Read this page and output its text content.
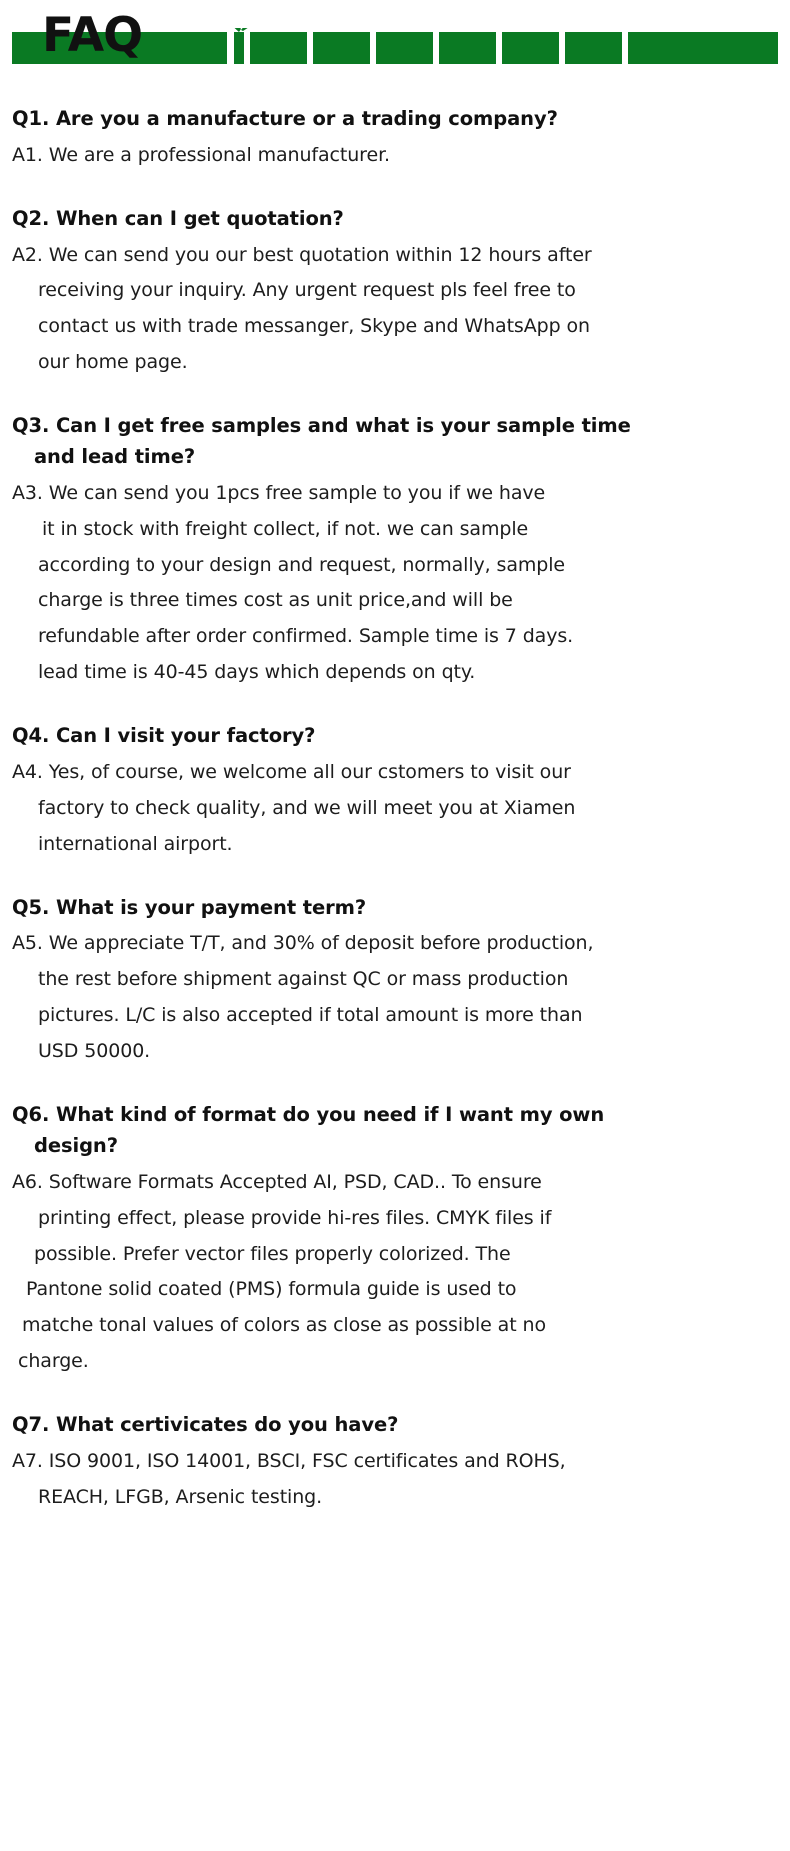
FAQ

Q1. Are you a manufacture or a trading company?

A1. We are a professional manufacturer.

Q2. When can I get quotation?

A2. We can send you our best quotation within 12 hours after
receiving your inquiry. Any urgent request pls feel free to
contact us with trade messanger, Skype and WhatsApp on
our home page.

Q3. Can I get free samples and what is your sample time
and lead time?

A3. We can send you 1pcs free sample to you if we have
it in stock with freight collect, if not. we can sample
according to your design and request, normally, sample
charge is three times cost as unit price,and will be
refundable after order confirmed. Sample time is 7 days.
lead time is 40-45 days which depends on qty.

Q4. Can I visit your factory?

A4. Yes, of course, we welcome all our cstomers to visit our
factory to check quality, and we will meet you at Xiamen
international airport.

Q5. What is your payment term?

A5. We appreciate T/T, and 30% of deposit before production,
the rest before shipment against QC or mass production
pictures. L/C is also accepted if total amount is more than
USD 50000.

Q6. What kind of format do you need if I want my own
design?

A6. Software Formats Accepted AI, PSD, CAD.. To ensure
printing effect, please provide hi-res files. CMYK files if
possible. Prefer vector files properly colorized. The
Pantone solid coated (PMS) formula guide is used to
matche tonal values of colors as close as possible at no
charge.

Q7. What certivicates do you have?

A7. ISO 9001, ISO 14001, BSCI, FSC certificates and ROHS,
REACH, LFGB, Arsenic testing.
